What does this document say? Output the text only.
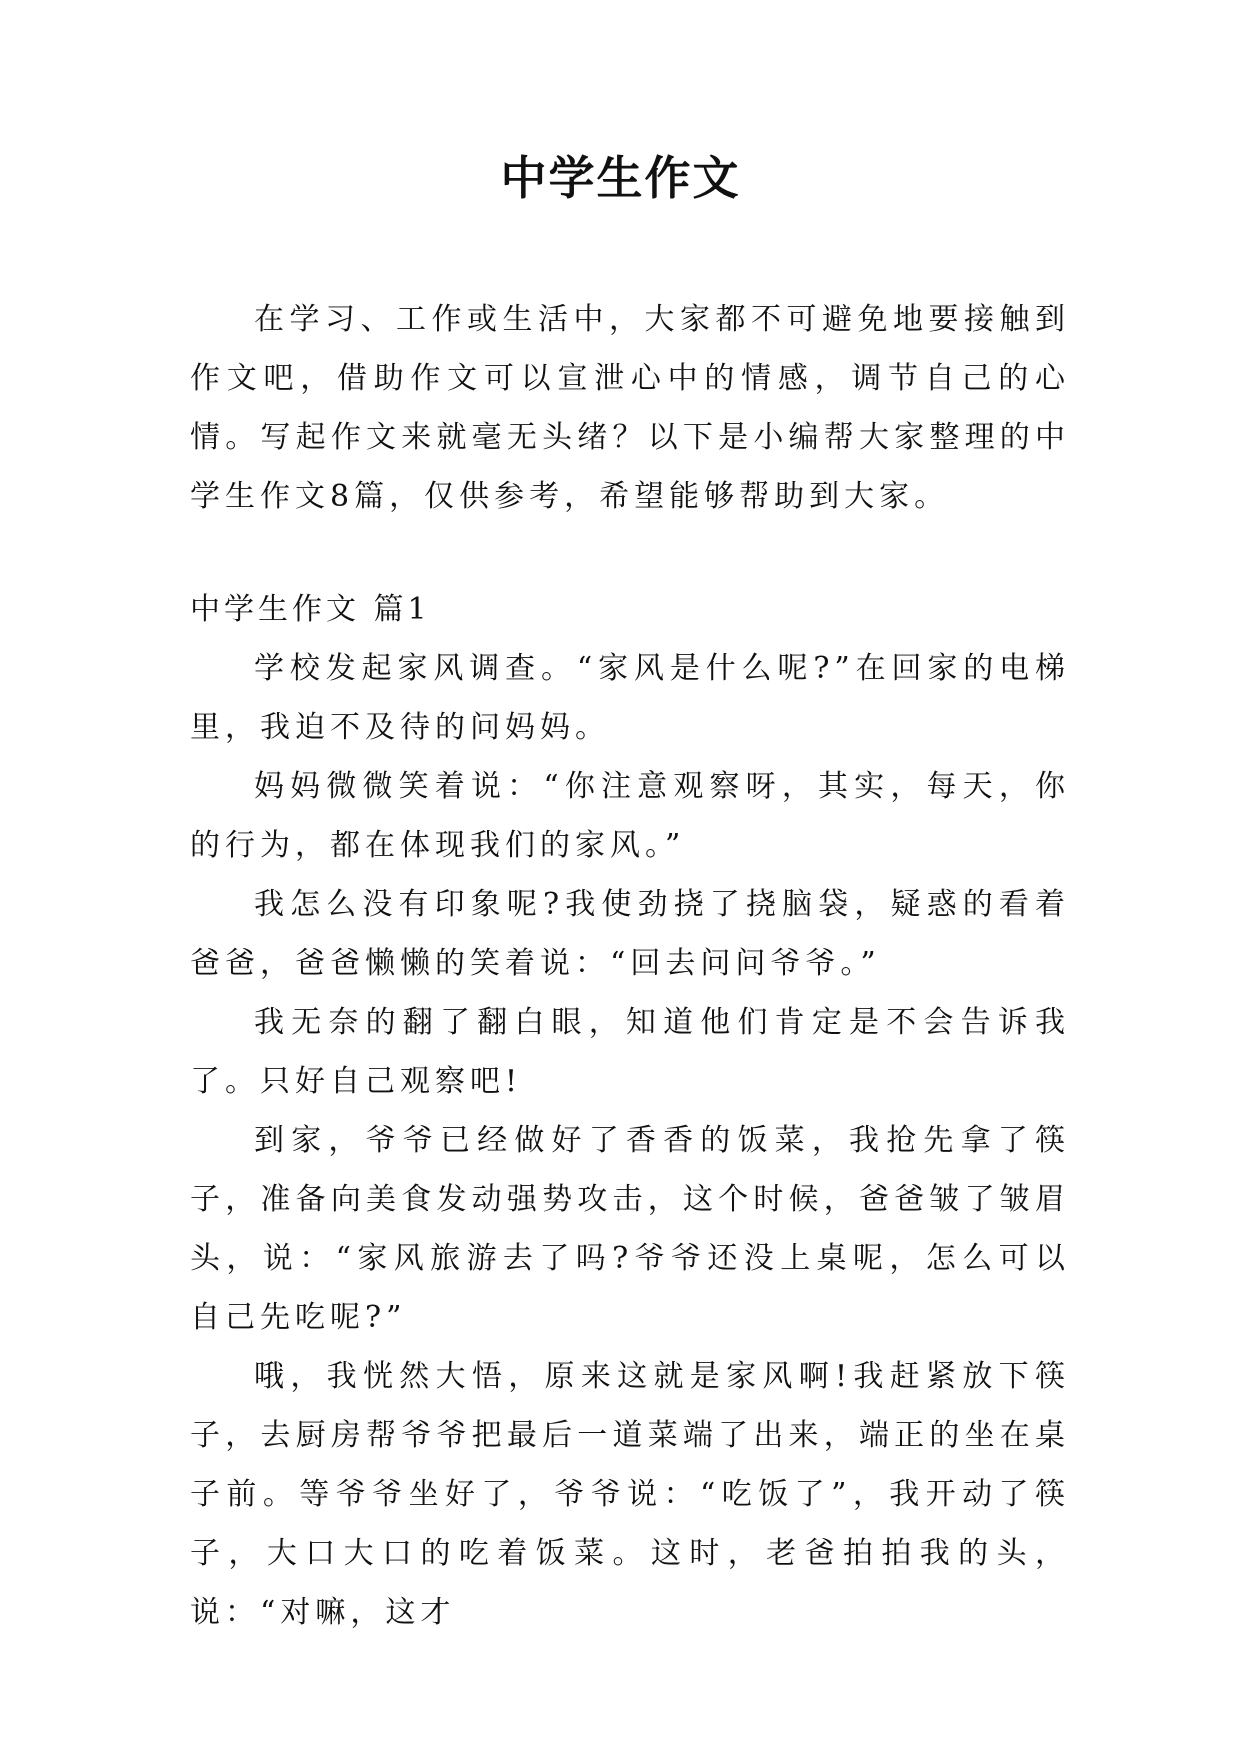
中学生作文

在学习、工作或生活中，大家都不可避免地要接触到作文吧，借助作文可以宣泄心中的情感，调节自己的心情。写起作文来就毫无头绪？以下是小编帮大家整理的中学生作文8篇，仅供参考，希望能够帮助到大家。

中学生作文 篇1

学校发起家风调查。“家风是什么呢?”在回家的电梯里，我迫不及待的问妈妈。

妈妈微微笑着说：“你注意观察呀，其实，每天，你的行为，都在体现我们的家风。”

我怎么没有印象呢?我使劲挠了挠脑袋，疑惑的看着爸爸，爸爸懒懒的笑着说：“回去问问爷爷。”

我无奈的翻了翻白眼，知道他们肯定是不会告诉我了。只好自己观察吧!

到家，爷爷已经做好了香香的饭菜，我抢先拿了筷子，准备向美食发动强势攻击，这个时候，爸爸皱了皱眉头，说：“家风旅游去了吗?爷爷还没上桌呢，怎么可以自己先吃呢?”

哦，我恍然大悟，原来这就是家风啊!我赶紧放下筷子，去厨房帮爷爷把最后一道菜端了出来，端正的坐在桌子前。等爷爷坐好了，爷爷说：“吃饭了”，我开动了筷子，大口大口的吃着饭菜。这时，老爸拍拍我的头，说：“对嘛，这才
